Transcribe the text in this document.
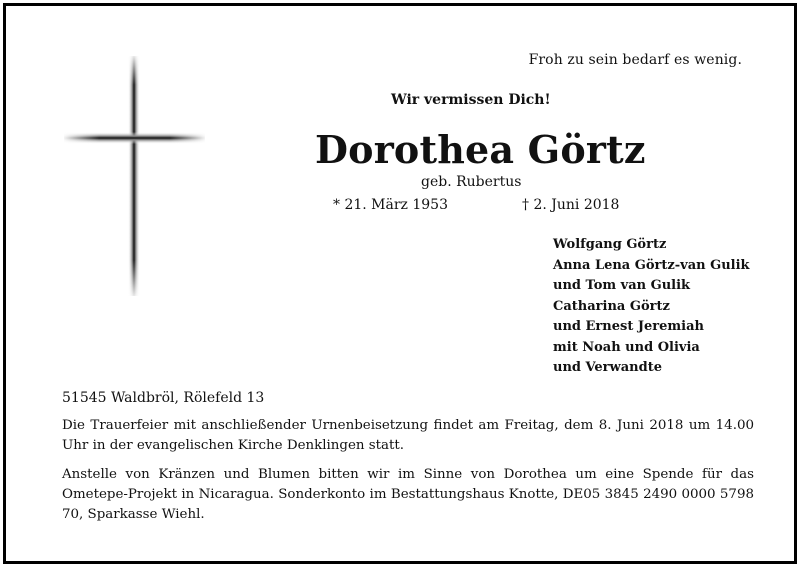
Froh zu sein bedarf es wenig.
Wir vermissen Dich!
Dorothea Görtz
geb. Rubertus
* 21. März 1953	† 2. Juni 2018
Wolfgang Görtz
Anna Lena Görtz-van Gulik
und Tom van Gulik
Catharina Görtz
und Ernest Jeremiah
mit Noah und Olivia
und Verwandte
51545 Waldbröl, Rölefeld 13
Die Trauerfeier mit anschließender Urnenbeisetzung findet am Freitag, dem 8. Juni 2018 um 14.00 Uhr in der evangelischen Kirche Denklingen statt.
Anstelle von Kränzen und Blumen bitten wir im Sinne von Dorothea um eine Spende für das Ometepe-Projekt in Nicaragua. Sonderkonto im Bestattungshaus Knotte, DE05 3845 2490 0000 5798 70, Sparkasse Wiehl.
